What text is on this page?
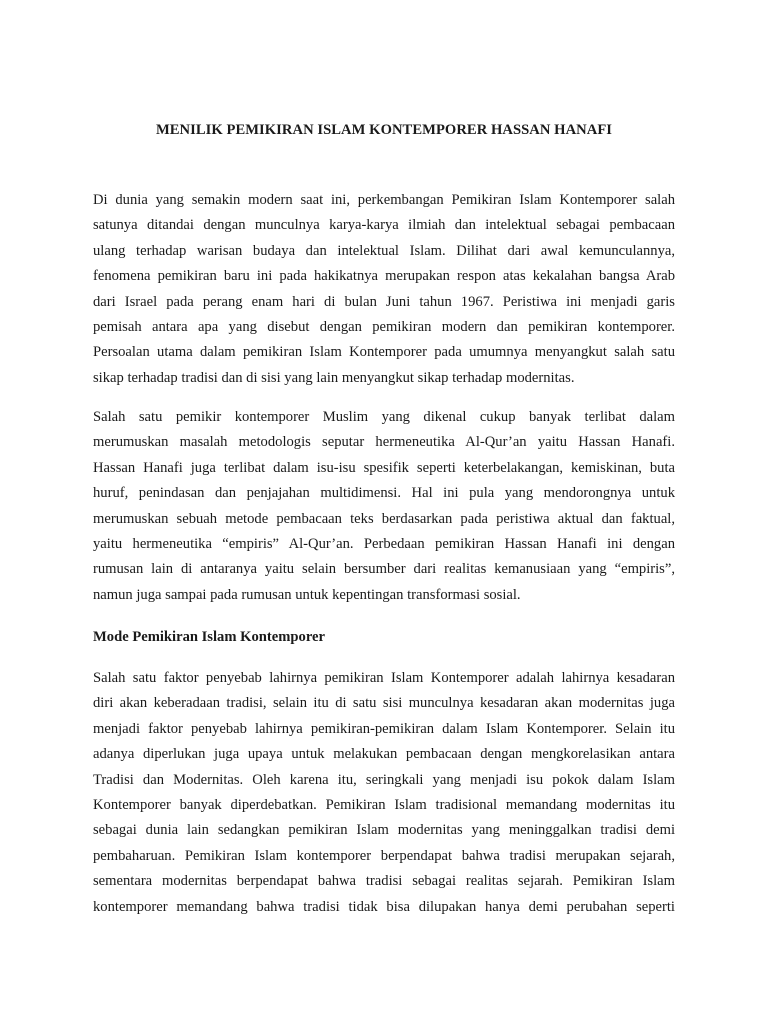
MENILIK PEMIKIRAN ISLAM KONTEMPORER HASSAN HANAFI

Di dunia yang semakin modern saat ini, perkembangan Pemikiran Islam Kontemporer salah
satunya ditandai dengan munculnya karya-karya ilmiah dan intelektual sebagai pembacaan
ulang terhadap warisan budaya dan intelektual Islam. Dilihat dari awal kemunculannya,
fenomena pemikiran baru ini pada hakikatnya merupakan respon atas kekalahan bangsa Arab
dari Israel pada perang enam hari di bulan Juni tahun 1967. Peristiwa ini menjadi garis
pemisah antara apa yang disebut dengan pemikiran modern dan pemikiran kontemporer.
Persoalan utama dalam pemikiran Islam Kontemporer pada umumnya menyangkut salah satu
sikap terhadap tradisi dan di sisi yang lain menyangkut sikap terhadap modernitas.

Salah satu pemikir kontemporer Muslim yang dikenal cukup banyak terlibat dalam
merumuskan masalah metodologis seputar hermeneutika Al-Qur’an yaitu Hassan Hanafi.
Hassan Hanafi juga terlibat dalam isu-isu spesifik seperti keterbelakangan, kemiskinan, buta
huruf, penindasan dan penjajahan multidimensi. Hal ini pula yang mendorongnya untuk
merumuskan sebuah metode pembacaan teks berdasarkan pada peristiwa aktual dan faktual,
yaitu hermeneutika “empiris” Al-Qur’an. Perbedaan pemikiran Hassan Hanafi ini dengan
rumusan lain di antaranya yaitu selain bersumber dari realitas kemanusiaan yang “empiris”,
namun juga sampai pada rumusan untuk kepentingan transformasi sosial.

Mode Pemikiran Islam Kontemporer

Salah satu faktor penyebab lahirnya pemikiran Islam Kontemporer adalah lahirnya kesadaran
diri akan keberadaan tradisi, selain itu di satu sisi munculnya kesadaran akan modernitas juga
menjadi faktor penyebab lahirnya pemikiran-pemikiran dalam Islam Kontemporer. Selain itu
adanya diperlukan juga upaya untuk melakukan pembacaan dengan mengkorelasikan antara
Tradisi dan Modernitas. Oleh karena itu, seringkali yang menjadi isu pokok dalam Islam
Kontemporer banyak diperdebatkan. Pemikiran Islam tradisional memandang modernitas itu
sebagai dunia lain sedangkan pemikiran Islam modernitas yang meninggalkan tradisi demi
pembaharuan. Pemikiran Islam kontemporer berpendapat bahwa tradisi merupakan sejarah,
sementara modernitas berpendapat bahwa tradisi sebagai realitas sejarah. Pemikiran Islam
kontemporer memandang bahwa tradisi tidak bisa dilupakan hanya demi perubahan seperti
